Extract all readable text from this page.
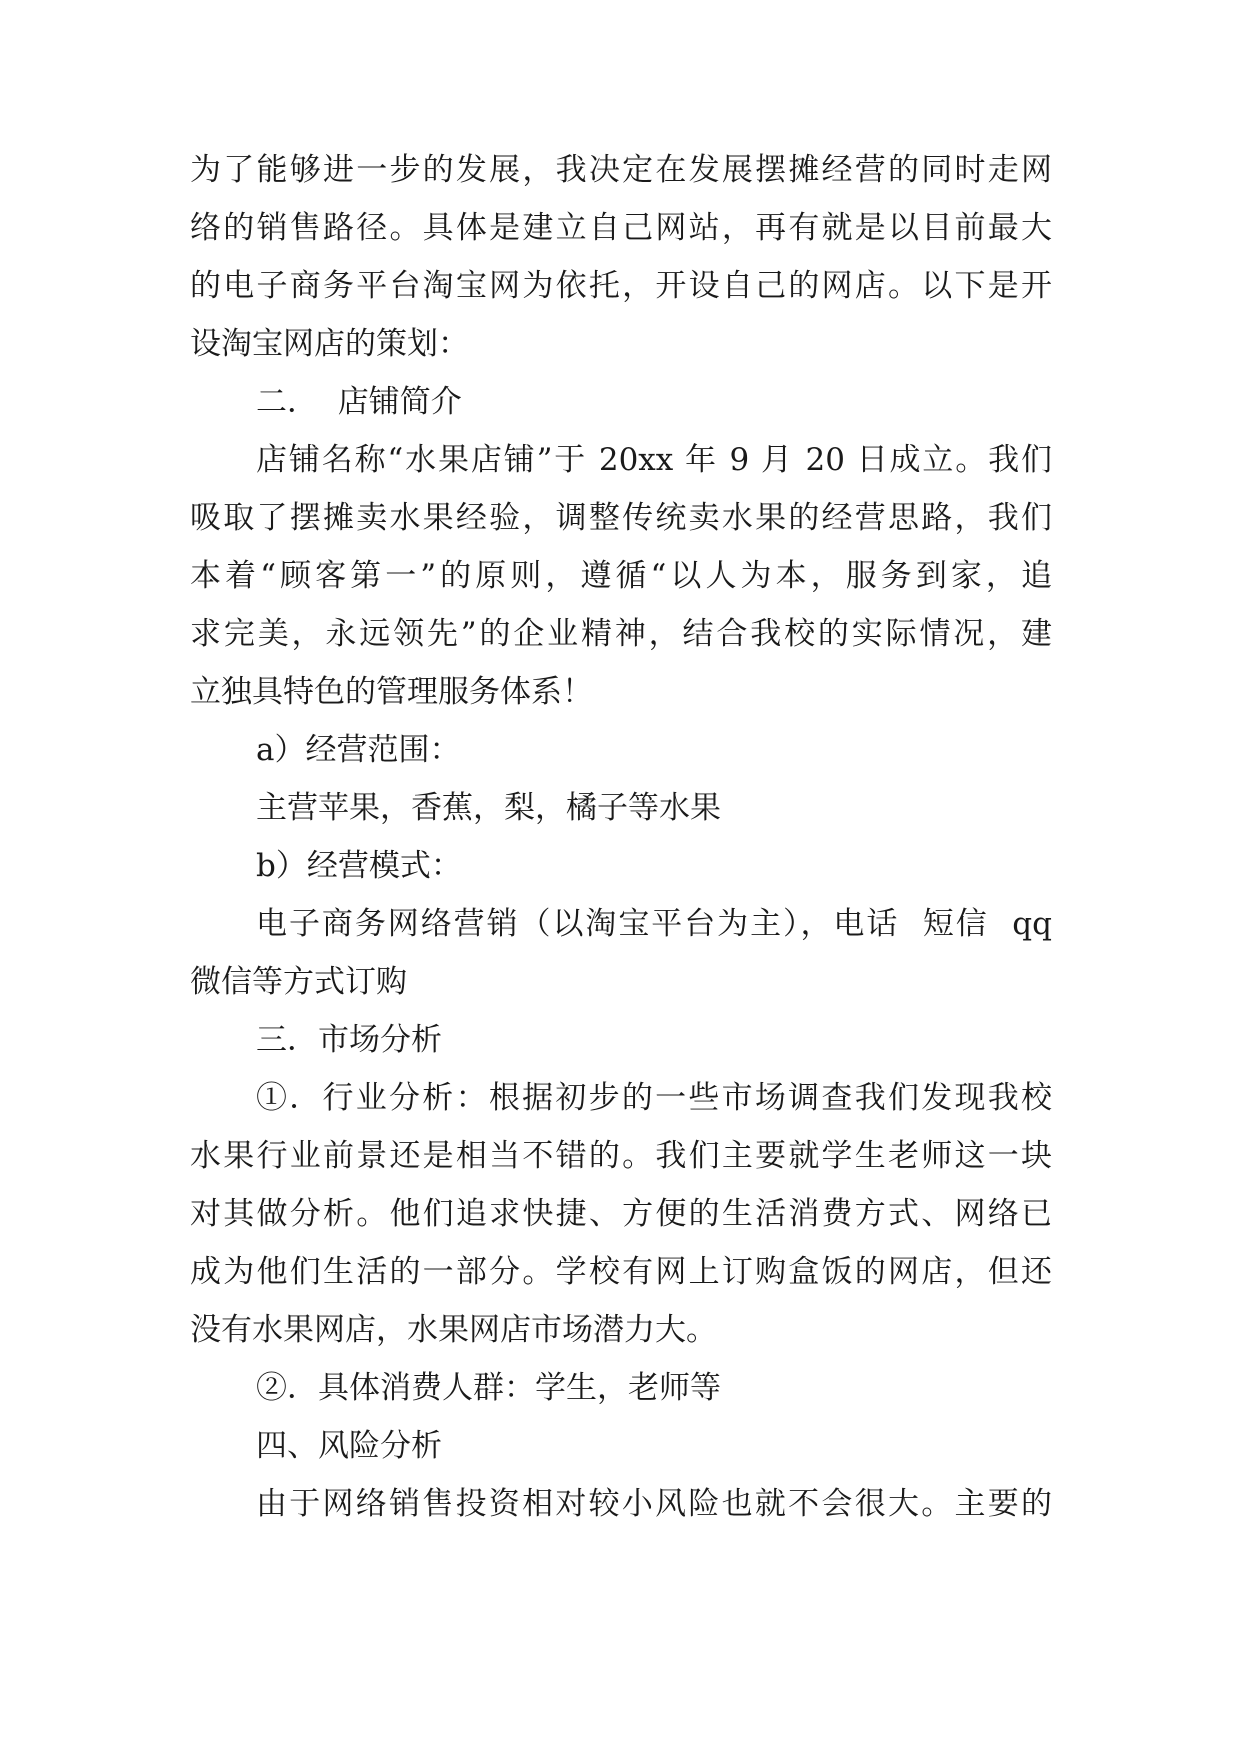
为了能够进一步的发展，我决定在发展摆摊经营的同时走网
络的销售路径。具体是建立自己网站，再有就是以目前最大
的电子商务平台淘宝网为依托，开设自己的网店。以下是开
设淘宝网店的策划：
二．  店铺简介
店铺名称“水果店铺”于 20xx 年 9 月 20 日成立。我们
吸取了摆摊卖水果经验，调整传统卖水果的经营思路，我们
本着“顾客第一”的原则，遵循“以人为本，服务到家，追
求完美，永远领先”的企业精神，结合我校的实际情况，建
立独具特色的管理服务体系！
a）经营范围：
主营苹果，香蕉，梨，橘子等水果
b）经营模式：
电子商务网络营销（以淘宝平台为主），电话  短信  qq
微信等方式订购
三．市场分析
①．行业分析：根据初步的一些市场调查我们发现我校
水果行业前景还是相当不错的。我们主要就学生老师这一块
对其做分析。他们追求快捷、方便的生活消费方式、网络已
成为他们生活的一部分。学校有网上订购盒饭的网店，但还
没有水果网店，水果网店市场潜力大。
②．具体消费人群：学生，老师等
四、风险分析
由于网络销售投资相对较小风险也就不会很大。主要的
